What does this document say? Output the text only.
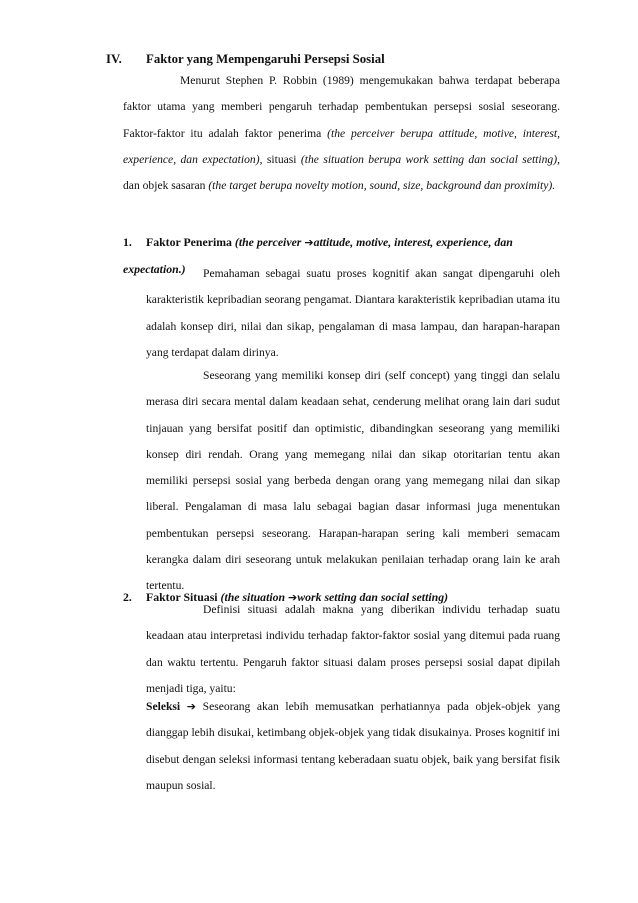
IV. Faktor yang Mempengaruhi Persepsi Sosial

Menurut Stephen P. Robbin (1989) mengemukakan bahwa terdapat beberapa faktor utama yang memberi pengaruh terhadap pembentukan persepsi sosial seseorang. Faktor-faktor itu adalah faktor penerima (the perceiver berupa attitude, motive, interest, experience, dan expectation), situasi (the situation berupa work setting dan social setting), dan objek sasaran (the target berupa novelty motion, sound, size, background dan proximity).

1. Faktor Penerima (the perceiver ➔attitude, motive, interest, experience, dan expectation.)	Pemahaman sebagai suatu proses kognitif akan sangat dipengaruhi oleh karakteristik kepribadian seorang pengamat. Diantara karakteristik kepribadian utama itu adalah konsep diri, nilai dan sikap, pengalaman di masa lampau, dan harapan-harapan yang terdapat dalam dirinya.

Seseorang yang memiliki konsep diri (self concept) yang tinggi dan selalu merasa diri secara mental dalam keadaan sehat, cenderung melihat orang lain dari sudut tinjauan yang bersifat positif dan optimistic, dibandingkan seseorang yang memiliki konsep diri rendah. Orang yang memegang nilai dan sikap otoritarian tentu akan memiliki persepsi sosial yang berbeda dengan orang yang memegang nilai dan sikap liberal. Pengalaman di masa lalu sebagai bagian dasar informasi juga menentukan pembentukan persepsi seseorang. Harapan-harapan sering kali memberi semacam kerangka dalam diri seseorang untuk melakukan penilaian terhadap orang lain ke arah tertentu.

2. Faktor Situasi (the situation ➔work setting dan social setting)

Definisi situasi adalah makna yang diberikan individu terhadap suatu keadaan atau interpretasi individu terhadap faktor-faktor sosial yang ditemui pada ruang dan waktu tertentu. Pengaruh faktor situasi dalam proses persepsi sosial dapat dipilah menjadi tiga, yaitu:

Seleksi ➔ Seseorang akan lebih memusatkan perhatiannya pada objek-objek yang dianggap lebih disukai, ketimbang objek-objek yang tidak disukainya. Proses kognitif ini disebut dengan seleksi informasi tentang keberadaan suatu objek, baik yang bersifat fisik maupun sosial.
